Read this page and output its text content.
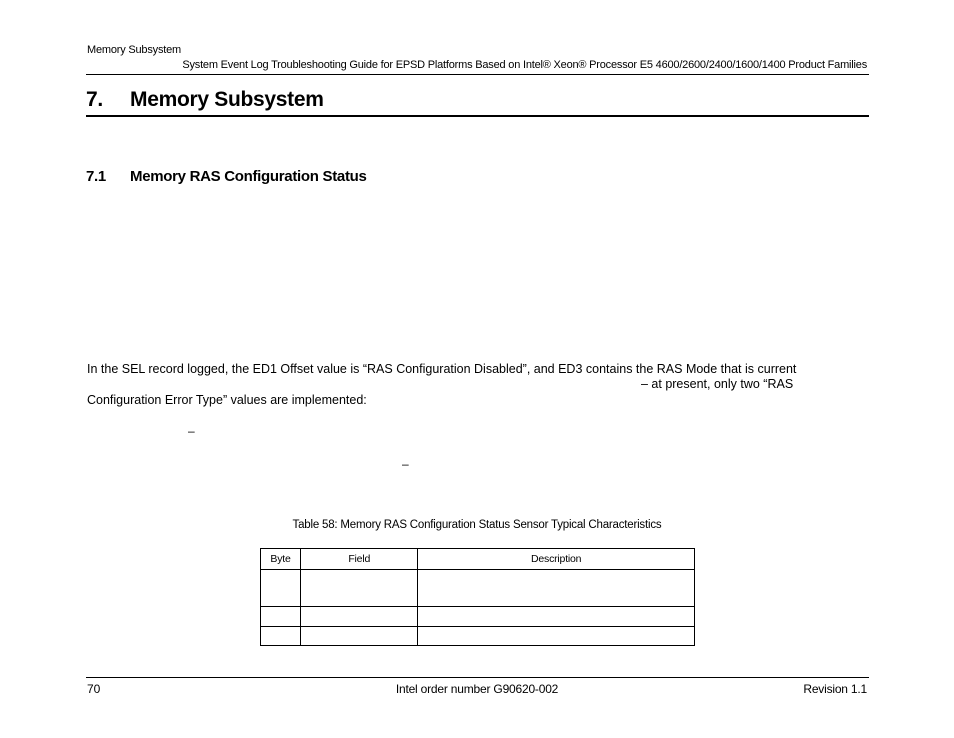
Memory Subsystem
System Event Log Troubleshooting Guide for EPSD Platforms Based on Intel® Xeon® Processor E5 4600/2600/2400/1600/1400 Product Families
7. Memory Subsystem
7.1 Memory RAS Configuration Status
In the SEL record logged, the ED1 Offset value is “RAS Configuration Disabled”, and ED3 contains the RAS Mode that is current
– at present, only two “RAS
Configuration Error Type” values are implemented:
–
–
Table 58: Memory RAS Configuration Status Sensor Typical Characteristics
Byte	Field	Description

70	Intel order number G90620-002	Revision 1.1
